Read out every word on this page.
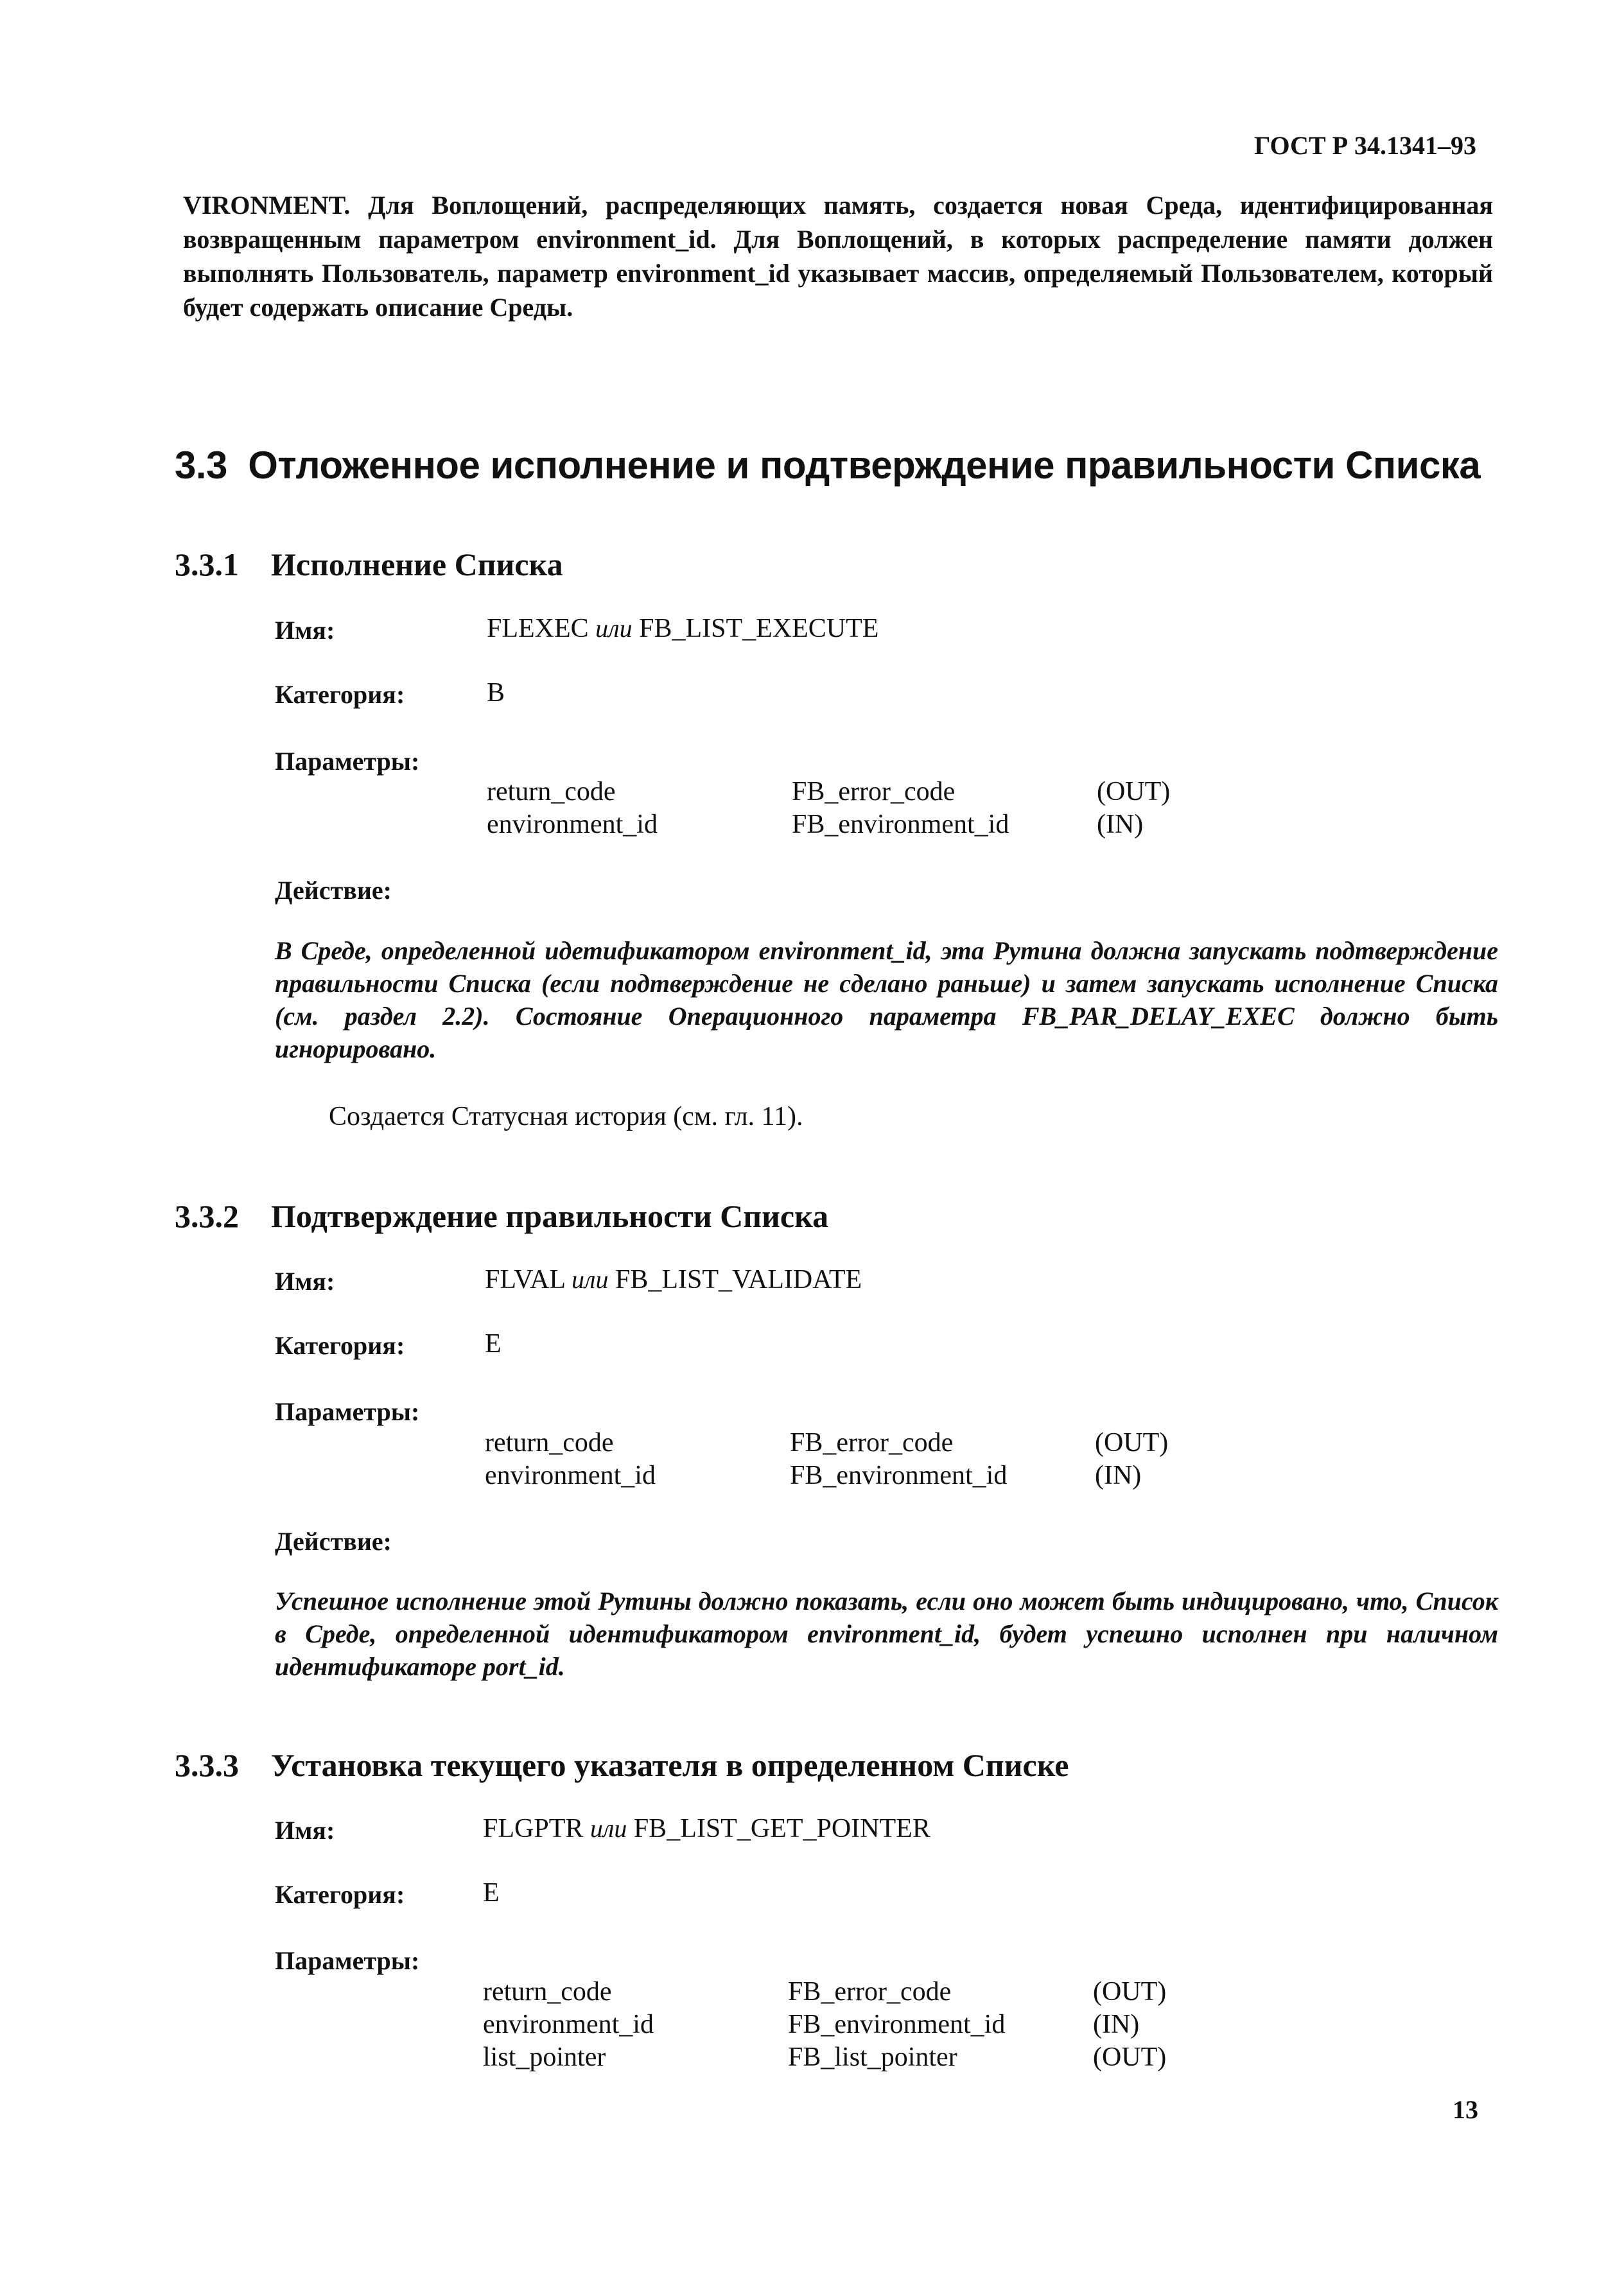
ГОСТ Р 34.1341–93
VIRONMENT. Для Воплощений, распределяющих память, создается новая Среда, идентифицированная возвращенным параметром environment_id. Для Воплощений, в которых распределение памяти должен выполнять Пользователь, параметр environment_id указывает массив, определяемый Пользователем, который будет содержать описание Среды.
3.3 Отложенное исполнение и подтверждение правильности Списка
3.3.1 Исполнение Списка
Имя:	FLEXEC или FB_LIST_EXECUTE
Категория:	B
Параметры:
return_code	FB_error_code	(OUT)
environment_id	FB_environment_id	(IN)
Действие:
В Среде, определенной идетификатором environment_id, эта Рутина должна запускать подтверждение правильности Списка (если подтверждение не сделано раньше) и затем запускать исполнение Списка (см. раздел 2.2). Состояние Операционного параметра FB_PAR_DELAY_EXEC должно быть игнорировано.
Создается Статусная история (см. гл. 11).
3.3.2 Подтверждение правильности Списка
Имя:	FLVAL или FB_LIST_VALIDATE
Категория:	E
Параметры:
return_code	FB_error_code	(OUT)
environment_id	FB_environment_id	(IN)
Действие:
Успешное исполнение этой Рутины должно показать, если оно может быть индицировано, что, Список в Среде, определенной идентификатором environment_id, будет успешно исполнен при наличном идентификаторе port_id.
3.3.3 Установка текущего указателя в определенном Списке
Имя:	FLGPTR или FB_LIST_GET_POINTER
Категория:	E
Параметры:
return_code	FB_error_code	(OUT)
environment_id	FB_environment_id	(IN)
list_pointer	FB_list_pointer	(OUT)
13
